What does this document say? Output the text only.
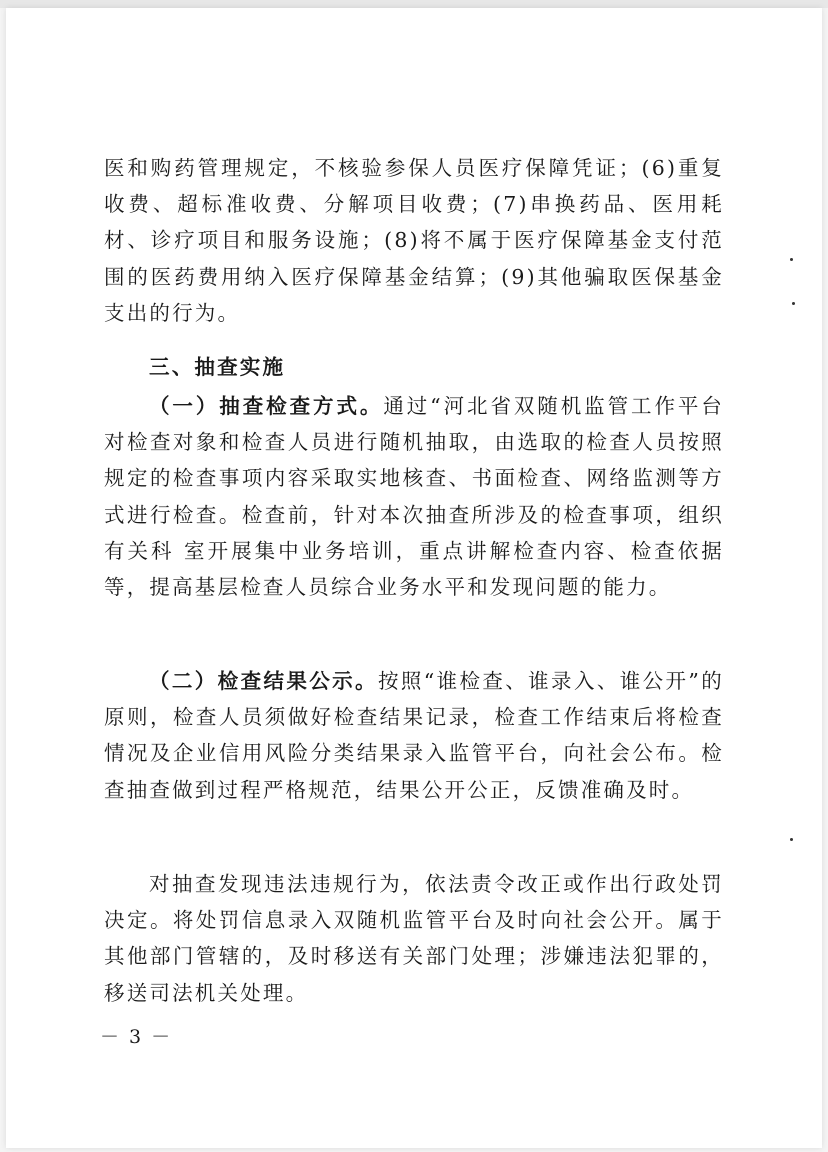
医和购药管理规定，不核验参保人员医疗保障凭证；(6)重复收费、超标准收费、分解项目收费；(7)串换药品、医用耗材、诊疗项目和服务设施；(8)将不属于医疗保障基金支付范围的医药费用纳入医疗保障基金结算；(9)其他骗取医保基金支出的行为。

三、抽查实施

（一）抽查检查方式。通过“河北省双随机监管工作平台对检查对象和检查人员进行随机抽取，由选取的检查人员按照规定的检查事项内容采取实地核查、书面检查、网络监测等方式进行检查。检查前，针对本次抽查所涉及的检查事项，组织有关科 室开展集中业务培训，重点讲解检查内容、检查依据等，提高基层检查人员综合业务水平和发现问题的能力。

（二）检查结果公示。按照“谁检查、谁录入、谁公开”的原则，检查人员须做好检查结果记录，检查工作结束后将检查情况及企业信用风险分类结果录入监管平台，向社会公布。检查抽查做到过程严格规范，结果公开公正，反馈准确及时。

对抽查发现违法违规行为，依法责令改正或作出行政处罚决定。将处罚信息录入双随机监管平台及时向社会公开。属于其他部门管辖的，及时移送有关部门处理；涉嫌违法犯罪的，移送司法机关处理。

－ 3 －
